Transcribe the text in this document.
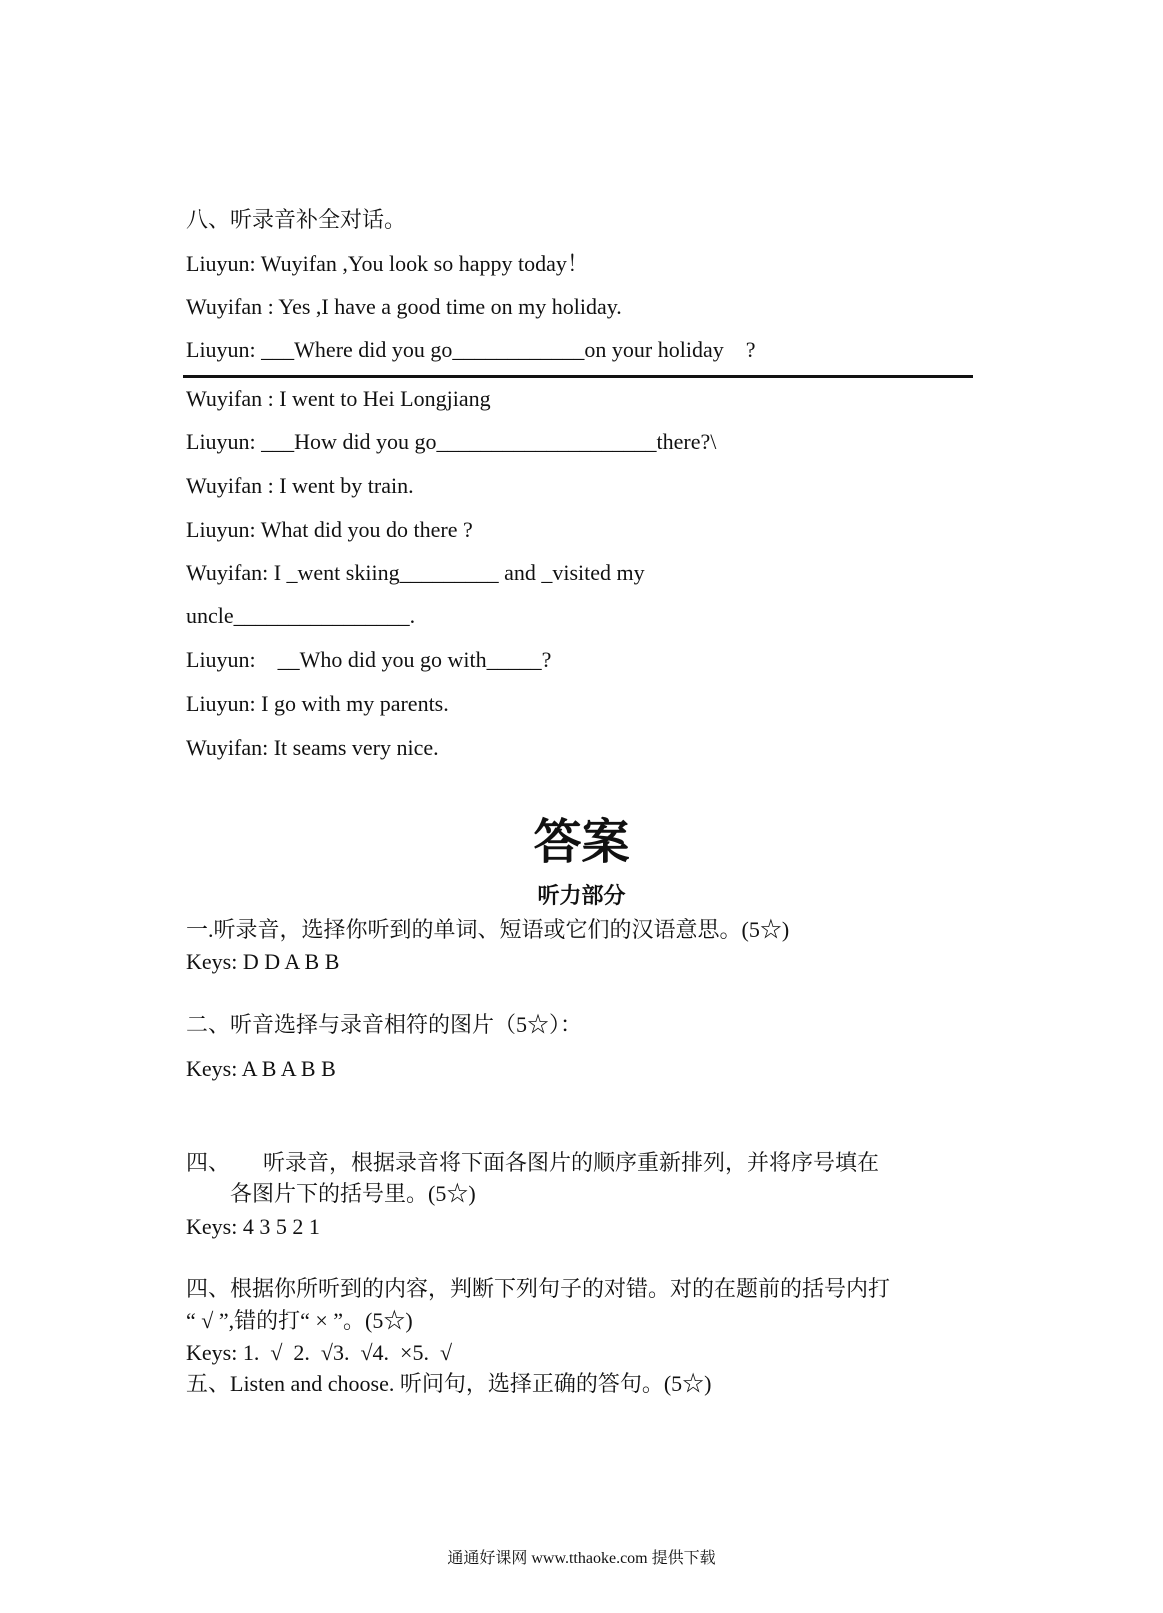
八、听录音补全对话。
Liuyun: Wuyifan ,You look so happy today！
Wuyifan : Yes ,I have a good time on my holiday.
Liuyun: ___Where did you go____________on your holiday    ?
Wuyifan : I went to Hei Longjiang
Liuyun: ___How did you go____________________there?\
Wuyifan : I went by train.
Liuyun: What did you do there ?
Wuyifan: I _went skiing_________ and _visited my
uncle________________.
Liuyun:    __Who did you go with_____?
Liuyun: I go with my parents.
Wuyifan: It seams very nice.
答案
听力部分
一.听录音，选择你听到的单词、短语或它们的汉语意思。(5☆)
Keys: D D A B B
二、听音选择与录音相符的图片（5☆）：
Keys: A B A B B
四、      听录音，根据录音将下面各图片的顺序重新排列，并将序号填在
各图片下的括号里。(5☆)
Keys: 4 3 5 2 1
四、根据你所听到的内容，判断下列句子的对错。对的在题前的括号内打
“ √ ”,错的打“ × ”。(5☆)
Keys: 1.  √  2.  √3.  √4.  ×5.  √
五、Listen and choose. 听问句，选择正确的答句。(5☆)
通通好课网 www.tthaoke.com 提供下载
